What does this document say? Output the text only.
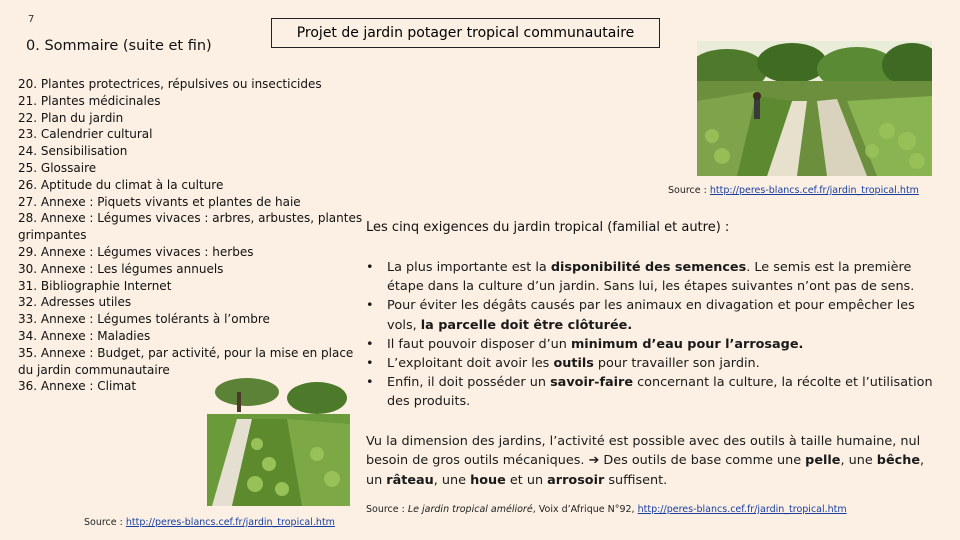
7
Projet de jardin potager tropical communautaire
0. Sommaire (suite et fin)
20. Plantes protectrices, répulsives ou insecticides
21. Plantes médicinales
22. Plan du jardin
23. Calendrier cultural
24. Sensibilisation
25. Glossaire
26. Aptitude du climat à la culture
27. Annexe : Piquets vivants et plantes de haie
28. Annexe : Légumes vivaces : arbres, arbustes, plantes grimpantes
29. Annexe : Légumes vivaces : herbes
30. Annexe : Les légumes annuels
31. Bibliographie Internet
32. Adresses utiles
33. Annexe : Légumes tolérants à l’ombre
34. Annexe : Maladies
35. Annexe : Budget, par activité, pour la mise en place du jardin communautaire
36. Annexe : Climat
Source : http://peres-blancs.cef.fr/jardin_tropical.htm
Source : http://peres-blancs.cef.fr/jardin_tropical.htm
Les cinq exigences du jardin tropical (familial et autre) :
• La plus importante est la disponibilité des semences. Le semis est la première étape dans la culture d’un jardin. Sans lui, les étapes suivantes n’ont pas de sens.
• Pour éviter les dégâts causés par les animaux en divagation et pour empêcher les vols, la parcelle doit être clôturée.
• Il faut pouvoir disposer d’un minimum d’eau pour l’arrosage.
• L’exploitant doit avoir les outils pour travailler son jardin.
• Enfin, il doit posséder un savoir-faire concernant la culture, la récolte et l’utilisation des produits.
Vu la dimension des jardins, l’activité est possible avec des outils à taille humaine, nul besoin de gros outils mécaniques. ➔ Des outils de base comme une pelle, une bêche, un râteau, une houe et un arrosoir suffisent.
Source : Le jardin tropical amélioré, Voix d’Afrique N°92, http://peres-blancs.cef.fr/jardin_tropical.htm
